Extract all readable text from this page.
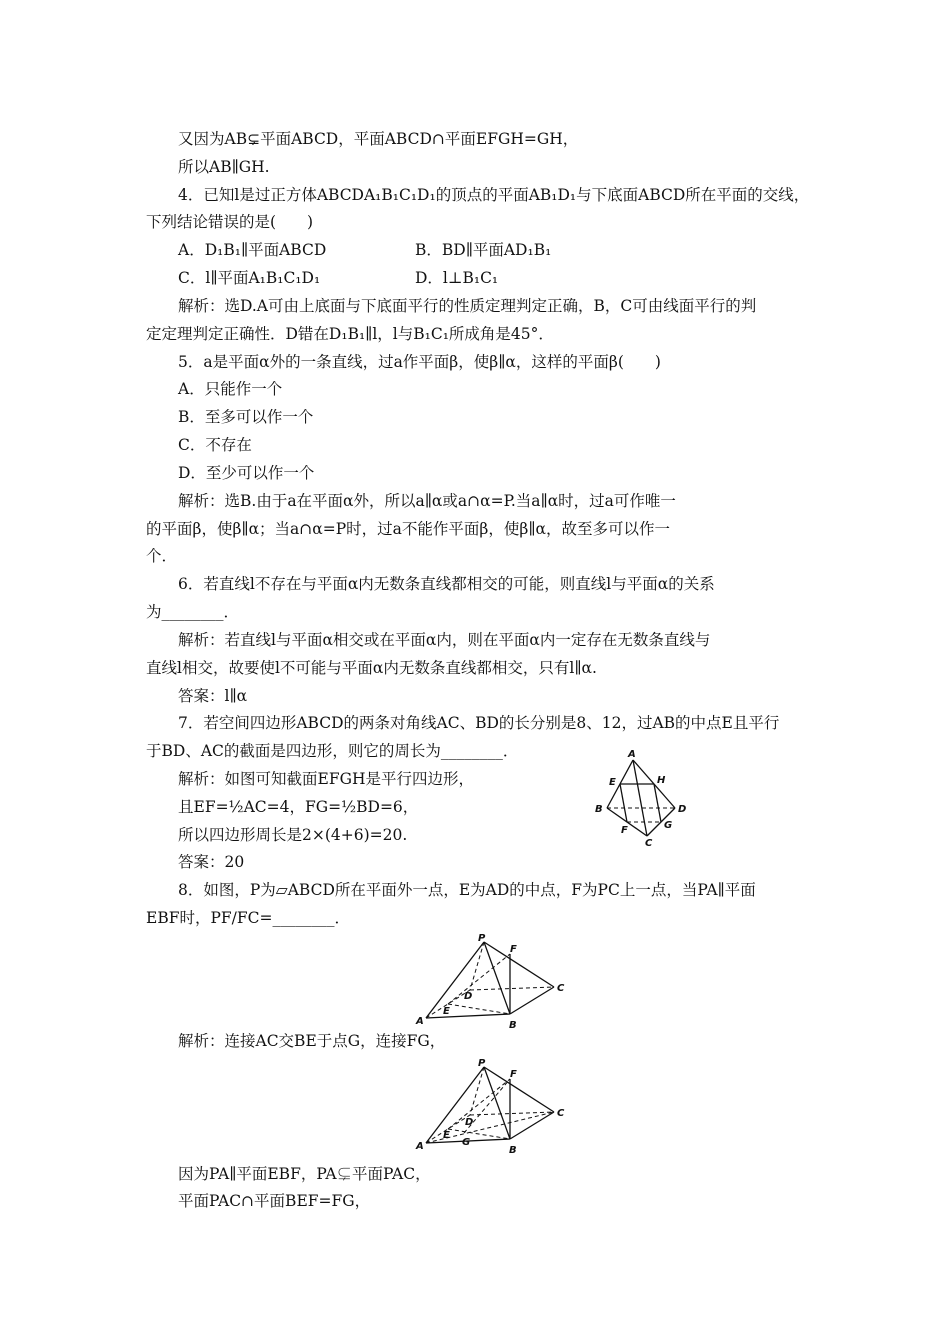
又因为AB⊊平面ABCD，平面ABCD∩平面EFGH=GH，
所以AB∥GH.
4．已知l是过正方体ABCDA₁B₁C₁D₁的顶点的平面AB₁D₁与下底面ABCD所在平面的交线，
下列结论错误的是(　　)
A．D₁B₁∥平面ABCD	B．BD∥平面AD₁B₁
C．l∥平面A₁B₁C₁D₁	D．l⊥B₁C₁
解析：选D.A可由上底面与下底面平行的性质定理判定正确，B，C可由线面平行的判
定定理判定正确性．D错在D₁B₁∥l，l与B₁C₁所成角是45°．
5．a是平面α外的一条直线，过a作平面β，使β∥α，这样的平面β(　　)
A．只能作一个
B．至多可以作一个
C．不存在
D．至少可以作一个
解析：选B.由于a在平面α外，所以a∥α或a∩α=P.当a∥α时，过a可作唯一
的平面β，使β∥α；当a∩α=P时，过a不能作平面β，使β∥α，故至多可以作一
个．
6．若直线l不存在与平面α内无数条直线都相交的可能，则直线l与平面α的关系
为________．
解析：若直线l与平面α相交或在平面α内，则在平面α内一定存在无数条直线与
直线l相交，故要使l不可能与平面α内无数条直线都相交，只有l∥α.
答案：l∥α
7．若空间四边形ABCD的两条对角线AC、BD的长分别是8、12，过AB的中点E且平行
于BD、AC的截面是四边形，则它的周长为________．
解析：如图可知截面EFGH是平行四边形，
且EF=½AC=4，FG=½BD=6，
所以四边形周长是2×(4+6)=20.
答案：20
8．如图，P为▱ABCD所在平面外一点，E为AD的中点，F为PC上一点，当PA∥平面
EBF时，PF/FC=________．
解析：连接AC交BE于点G，连接FG，
因为PA∥平面EBF，PA⊊平面PAC，
平面PAC∩平面BEF=FG，
A
E	H
B	D
F	G
C
P
F
C
D
E
A	B
P
F
C
D
E
G
A	B
